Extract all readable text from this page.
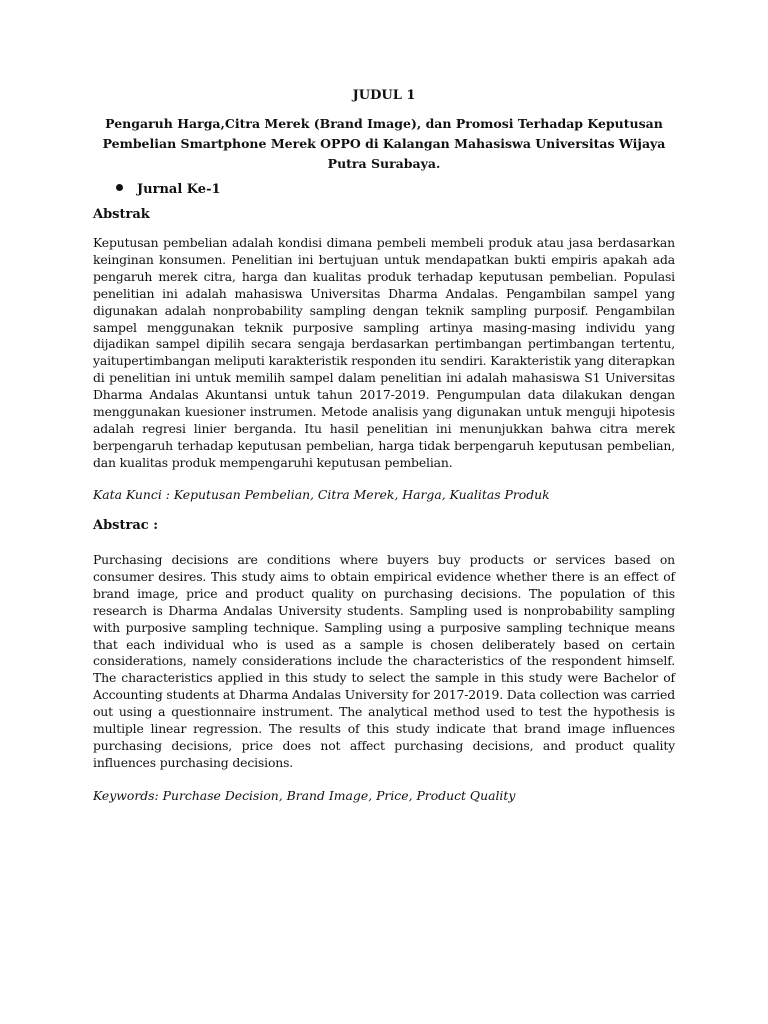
JUDUL 1
Pengaruh Harga,Citra Merek (Brand Image), dan Promosi Terhadap Keputusan Pembelian Smartphone Merek OPPO di Kalangan Mahasiswa Universitas Wijaya Putra Surabaya.
Jurnal Ke-1
Abstrak
Keputusan pembelian adalah kondisi dimana pembeli membeli produk atau jasa berdasarkan keinginan konsumen. Penelitian ini bertujuan untuk mendapatkan bukti empiris apakah ada pengaruh merek citra, harga dan kualitas produk terhadap keputusan pembelian. Populasi penelitian ini adalah mahasiswa Universitas Dharma Andalas. Pengambilan sampel yang digunakan adalah nonprobability sampling dengan teknik sampling purposif. Pengambilan sampel menggunakan teknik purposive sampling artinya masing-masing individu yang dijadikan sampel dipilih secara sengaja berdasarkan pertimbangan pertimbangan tertentu, yaitupertimbangan meliputi karakteristik responden itu sendiri. Karakteristik yang diterapkan di penelitian ini untuk memilih sampel dalam penelitian ini adalah mahasiswa S1 Universitas Dharma Andalas Akuntansi untuk tahun 2017-2019. Pengumpulan data dilakukan dengan menggunakan kuesioner instrumen. Metode analisis yang digunakan untuk menguji hipotesis adalah regresi linier berganda. Itu hasil penelitian ini menunjukkan bahwa citra merek berpengaruh terhadap keputusan pembelian, harga tidak berpengaruh keputusan pembelian, dan kualitas produk mempengaruhi keputusan pembelian.
Kata Kunci : Keputusan Pembelian, Citra Merek, Harga, Kualitas Produk
Abstrac :
Purchasing decisions are conditions where buyers buy products or services based on consumer desires. This study aims to obtain empirical evidence whether there is an effect of brand image, price and product quality on purchasing decisions. The population of this research is Dharma Andalas University students. Sampling used is nonprobability sampling with purposive sampling technique. Sampling using a purposive sampling technique means that each individual who is used as a sample is chosen deliberately based on certain considerations, namely considerations include the characteristics of the respondent himself. The characteristics applied in this study to select the sample in this study were Bachelor of Accounting students at Dharma Andalas University for 2017-2019. Data collection was carried out using a questionnaire instrument. The analytical method used to test the hypothesis is multiple linear regression. The results of this study indicate that brand image influences purchasing decisions, price does not affect purchasing decisions, and product quality influences purchasing decisions.
Keywords: Purchase Decision, Brand Image, Price, Product Quality
